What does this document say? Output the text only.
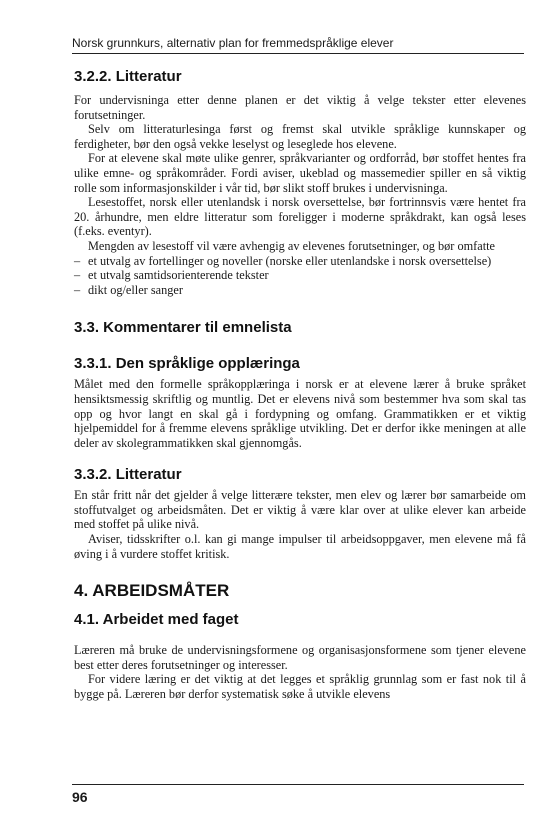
Norsk grunnkurs, alternativ plan for fremmedspråklige elever
3.2.2. Litteratur

For undervisninga etter denne planen er det viktig å velge tekster etter elevenes forutsetninger.

Selv om litteraturlesinga først og fremst skal utvikle språklige kunnskaper og ferdigheter, bør den også vekke leselyst og leseglede hos elevene.

For at elevene skal møte ulike genrer, språkvarianter og ordforråd, bør stoffet hentes fra ulike emne- og språkområder. Fordi aviser, ukeblad og massemedier spiller en så viktig rolle som informasjonskilder i vår tid, bør slikt stoff brukes i undervisninga.

Lesestoffet, norsk eller utenlandsk i norsk oversettelse, bør fortrinnsvis være hentet fra 20. århundre, men eldre litteratur som foreligger i moderne språkdrakt, kan også leses (f.eks. eventyr).

Mengden av lesestoff vil være avhengig av elevenes forutsetninger, og bør omfatte

– et utvalg av fortellinger og noveller (norske eller utenlandske i norsk oversettelse)
– et utvalg samtidsorienterende tekster
– dikt og/eller sanger
3.3. Kommentarer til emnelista
3.3.1. Den språklige opplæringa

Målet med den formelle språkopplæringa i norsk er at elevene lærer å bruke språket hensiktsmessig skriftlig og muntlig. Det er elevens nivå som bestemmer hva som skal tas opp og hvor langt en skal gå i fordypning og omfang. Grammatikken er et viktig hjelpemiddel for å fremme elevens språklige utvikling. Det er derfor ikke meningen at alle deler av skolegrammatikken skal gjennomgås.

3.3.2. Litteratur

En står fritt når det gjelder å velge litterære tekster, men elev og lærer bør samarbeide om stoffutvalget og arbeidsmåten. Det er viktig å være klar over at ulike elever kan arbeide med stoffet på ulike nivå.

Aviser, tidsskrifter o.l. kan gi mange impulser til arbeidsoppgaver, men elevene må få øving i å vurdere stoffet kritisk.

4. ARBEIDSMÅTER
4.1. Arbeidet med faget

Læreren må bruke de undervisningsformene og organisasjonsformene som tjener elevene best etter deres forutsetninger og interesser.

For videre læring er det viktig at det legges et språklig grunnlag som er fast nok til å bygge på. Læreren bør derfor systematisk søke å utvikle elevens

96
